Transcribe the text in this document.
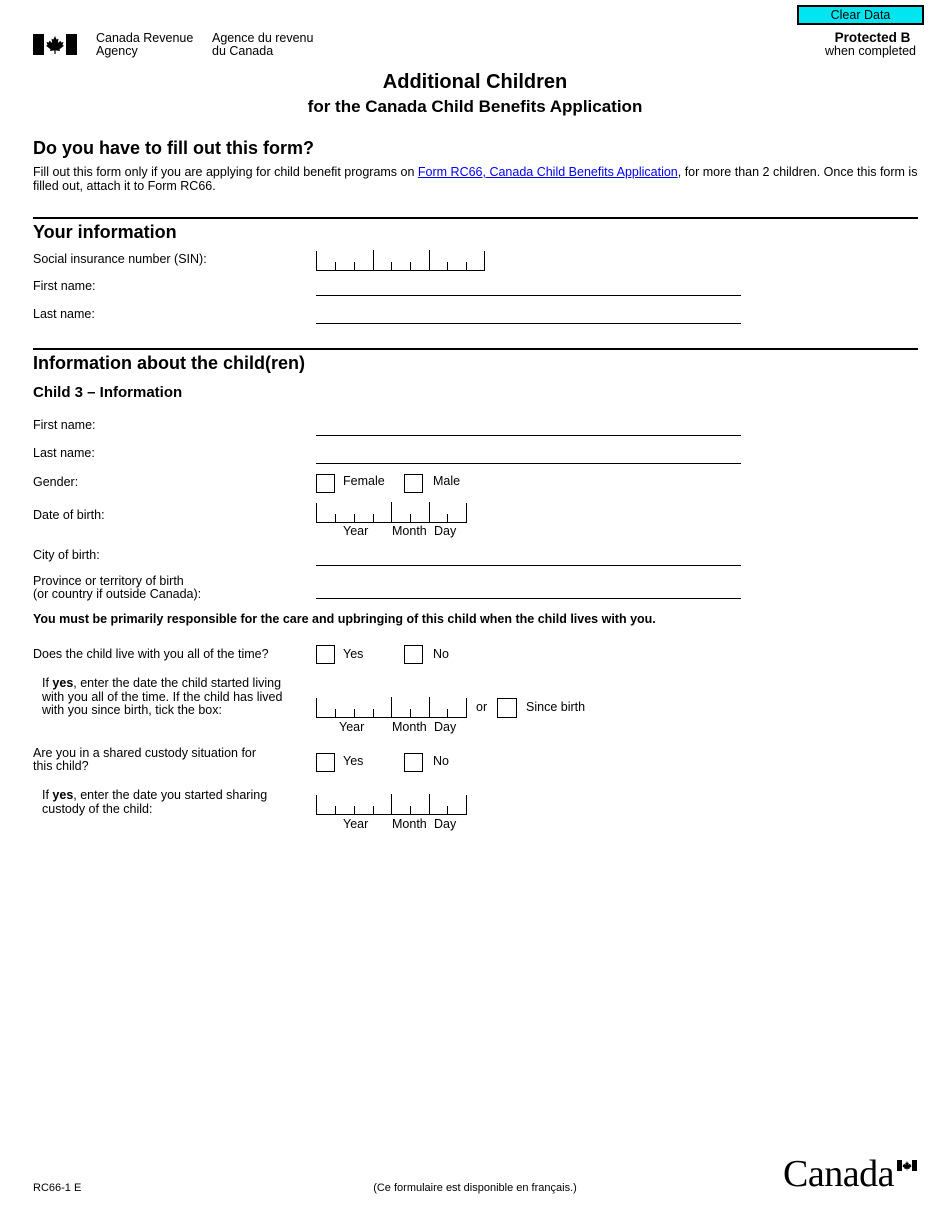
Clear Data
Canada Revenue
Agency
Agence du revenu
du Canada
Protected B
when completed
Additional Children
for the Canada Child Benefits Application
Do you have to fill out this form?
Fill out this form only if you are applying for child benefit programs on Form RC66, Canada Child Benefits Application, for more than 2 children. Once this form is filled out, attach it to Form RC66.
Your information
Social insurance number (SIN):
First name:
Last name:
Information about the child(ren)
Child 3 – Information
First name:
Last name:
Gender:	Female	Male
Date of birth:
Year Month Day
City of birth:
Province or territory of birth
(or country if outside Canada):
You must be primarily responsible for the care and upbringing of this child when the child lives with you.
Does the child live with you all of the time?	Yes	No
If yes, enter the date the child started living
with you all of the time. If the child has lived
with you since birth, tick the box:	or	Since birth
Year Month Day
Are you in a shared custody situation for
this child?	Yes	No
If yes, enter the date you started sharing
custody of the child:
Year Month Day
RC66-1 E	(Ce formulaire est disponible en français.)	Canada
